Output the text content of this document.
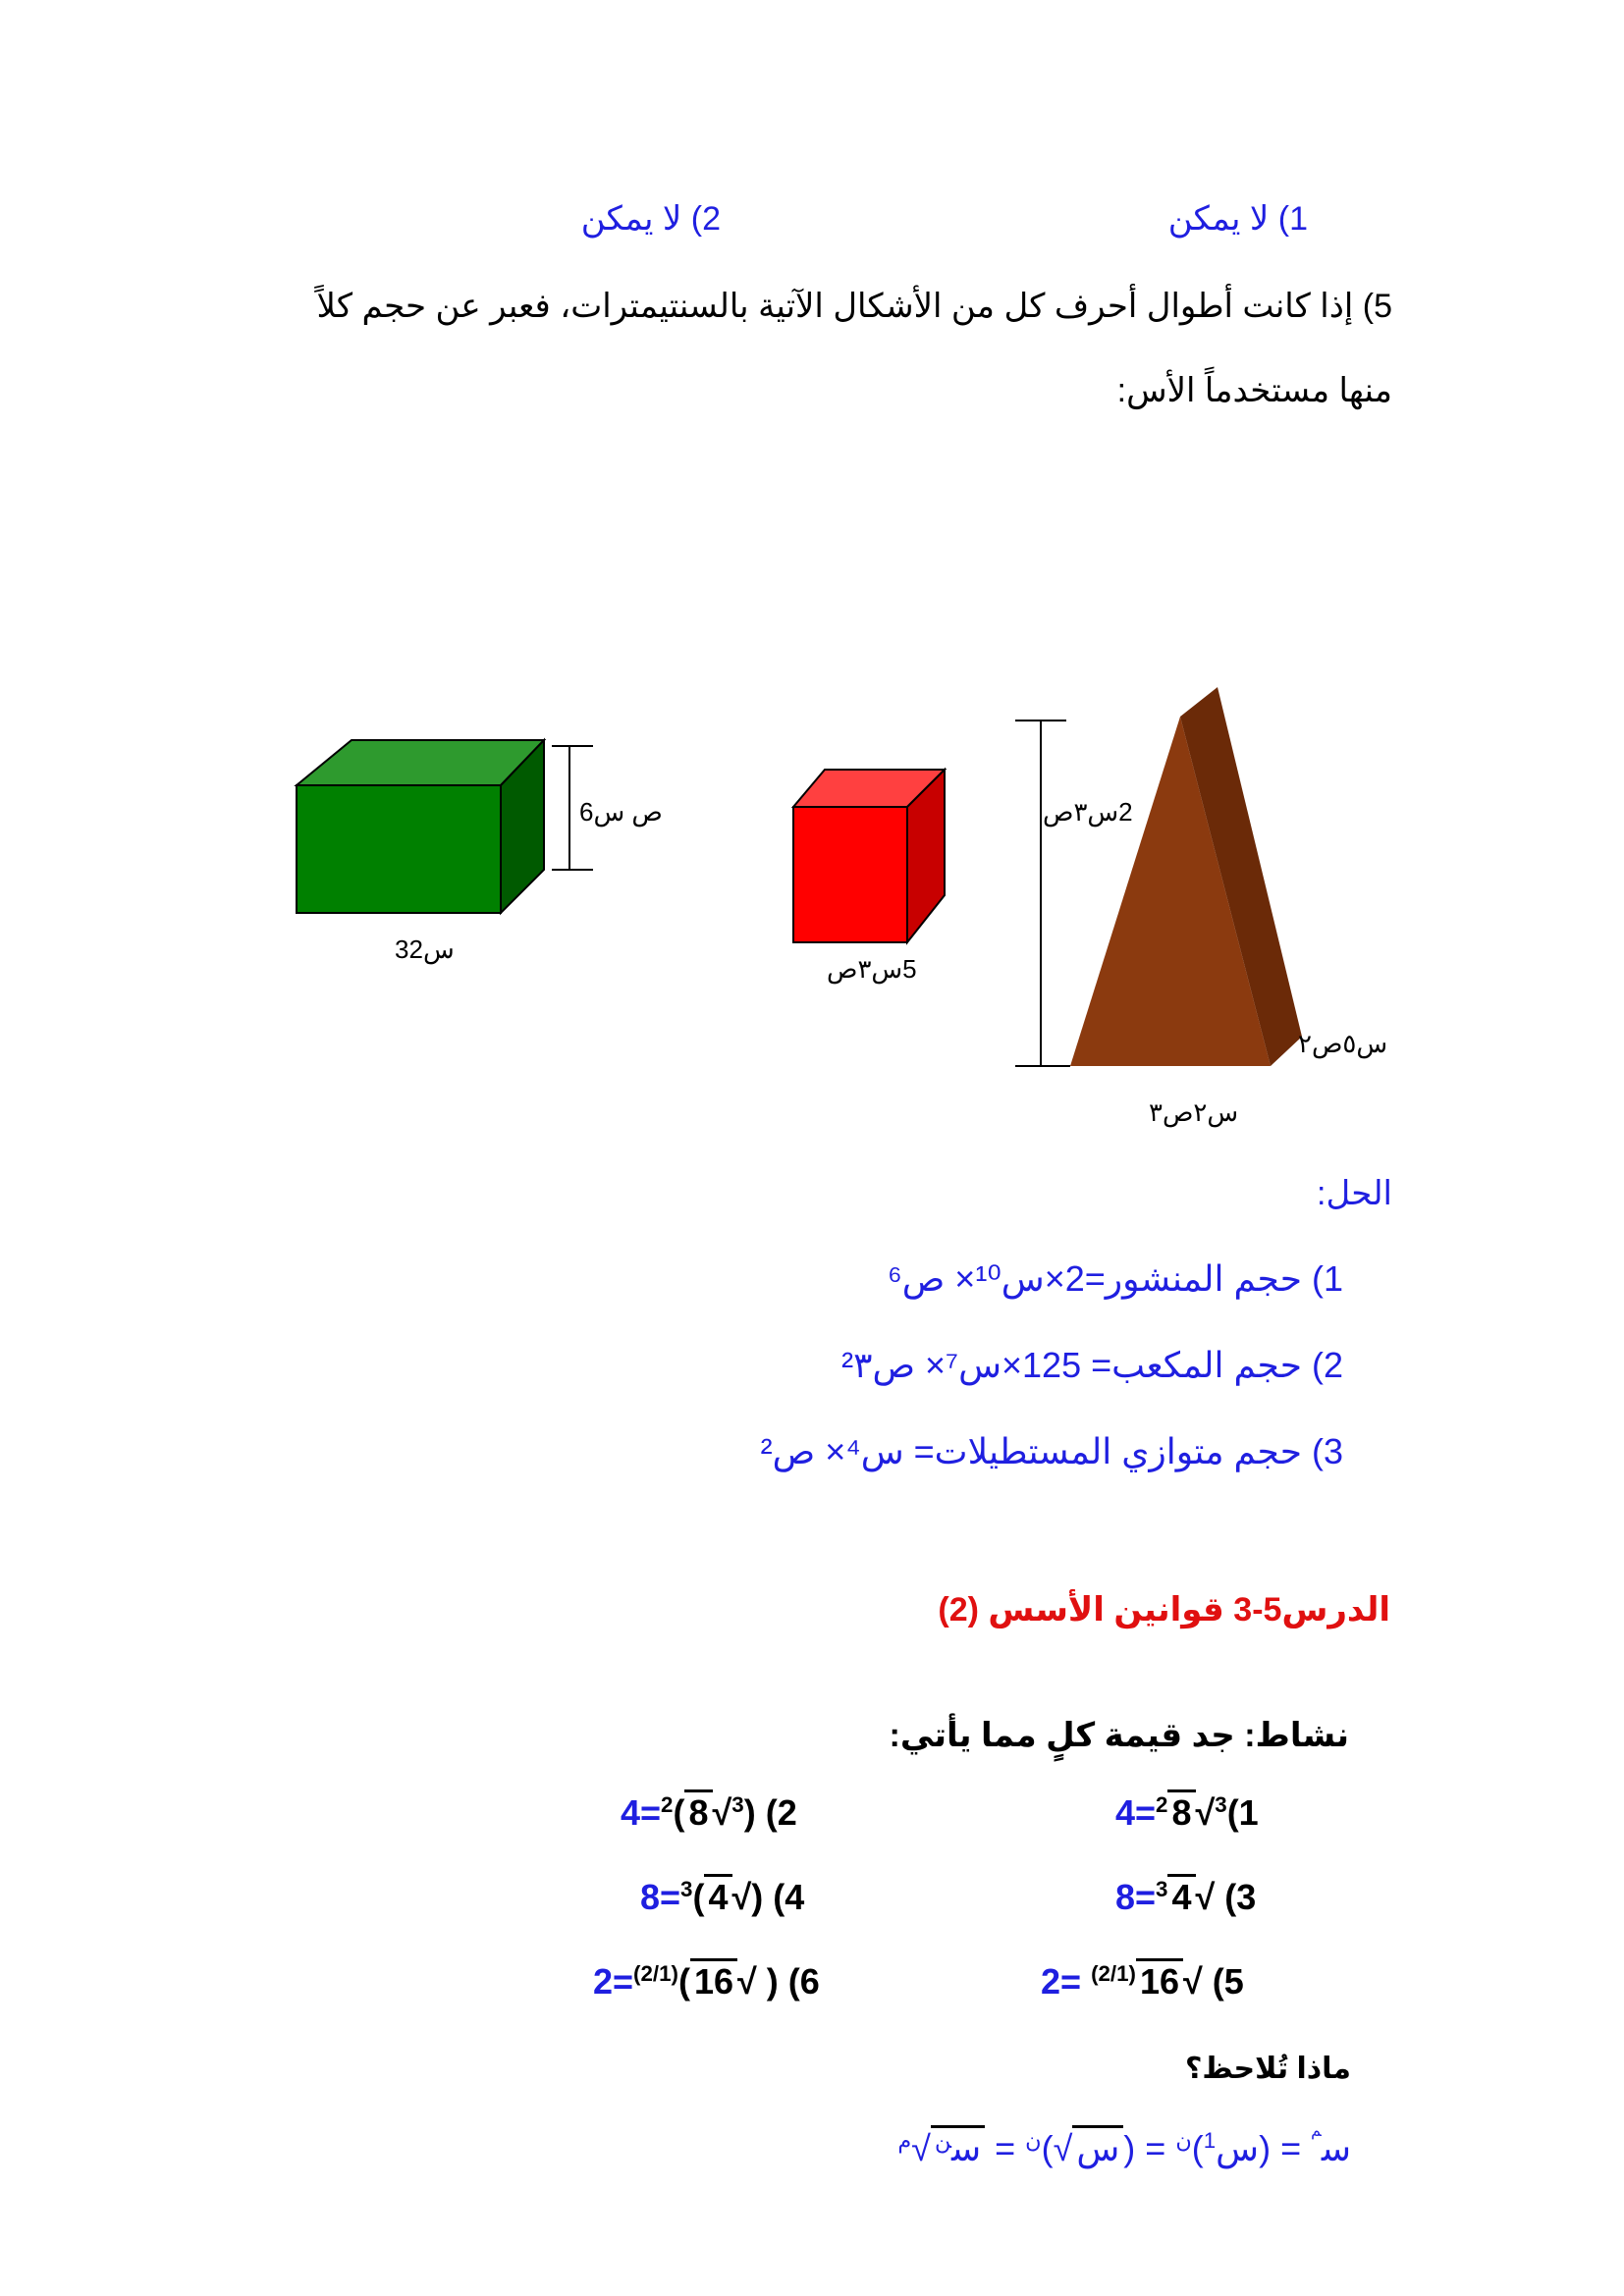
1) لا يمكن
2) لا يمكن
5) إذا كانت أطوال أحرف كل من الأشكال الآتية بالسنتيمترات، فعبر عن حجم كلاً
منها مستخدماً الأس:
6ص س
3س2
5س٣ص
2س٣ص
س٥ص٢
س٢ص٣
الحل:
1) حجم المنشور=2×س¹⁰× ص⁶
2) حجم المكعب= 125×س⁷× ص²٣
3) حجم متوازي المستطيلات= س⁴× ص²
الدرس5-3 قوانين الأسس (2)
نشاط: جد قيمة كلٍ مما يأتي:
4=$^2$ 8 √$^3$(1
4=$^2$( 8 √$^3$) (2
8=$^3$ 4 √ (3
8=$^3$( 4 √) (4
2= $^{(2/1)}$ 16 √ (5
2=$^{(2/1)}$( 16 √ ) (6
ماذا تُلاحظ؟
س$^م$ = (س$^1$)$^ن$ = (س√)$^ن$ = س$^ن$√$^م$
